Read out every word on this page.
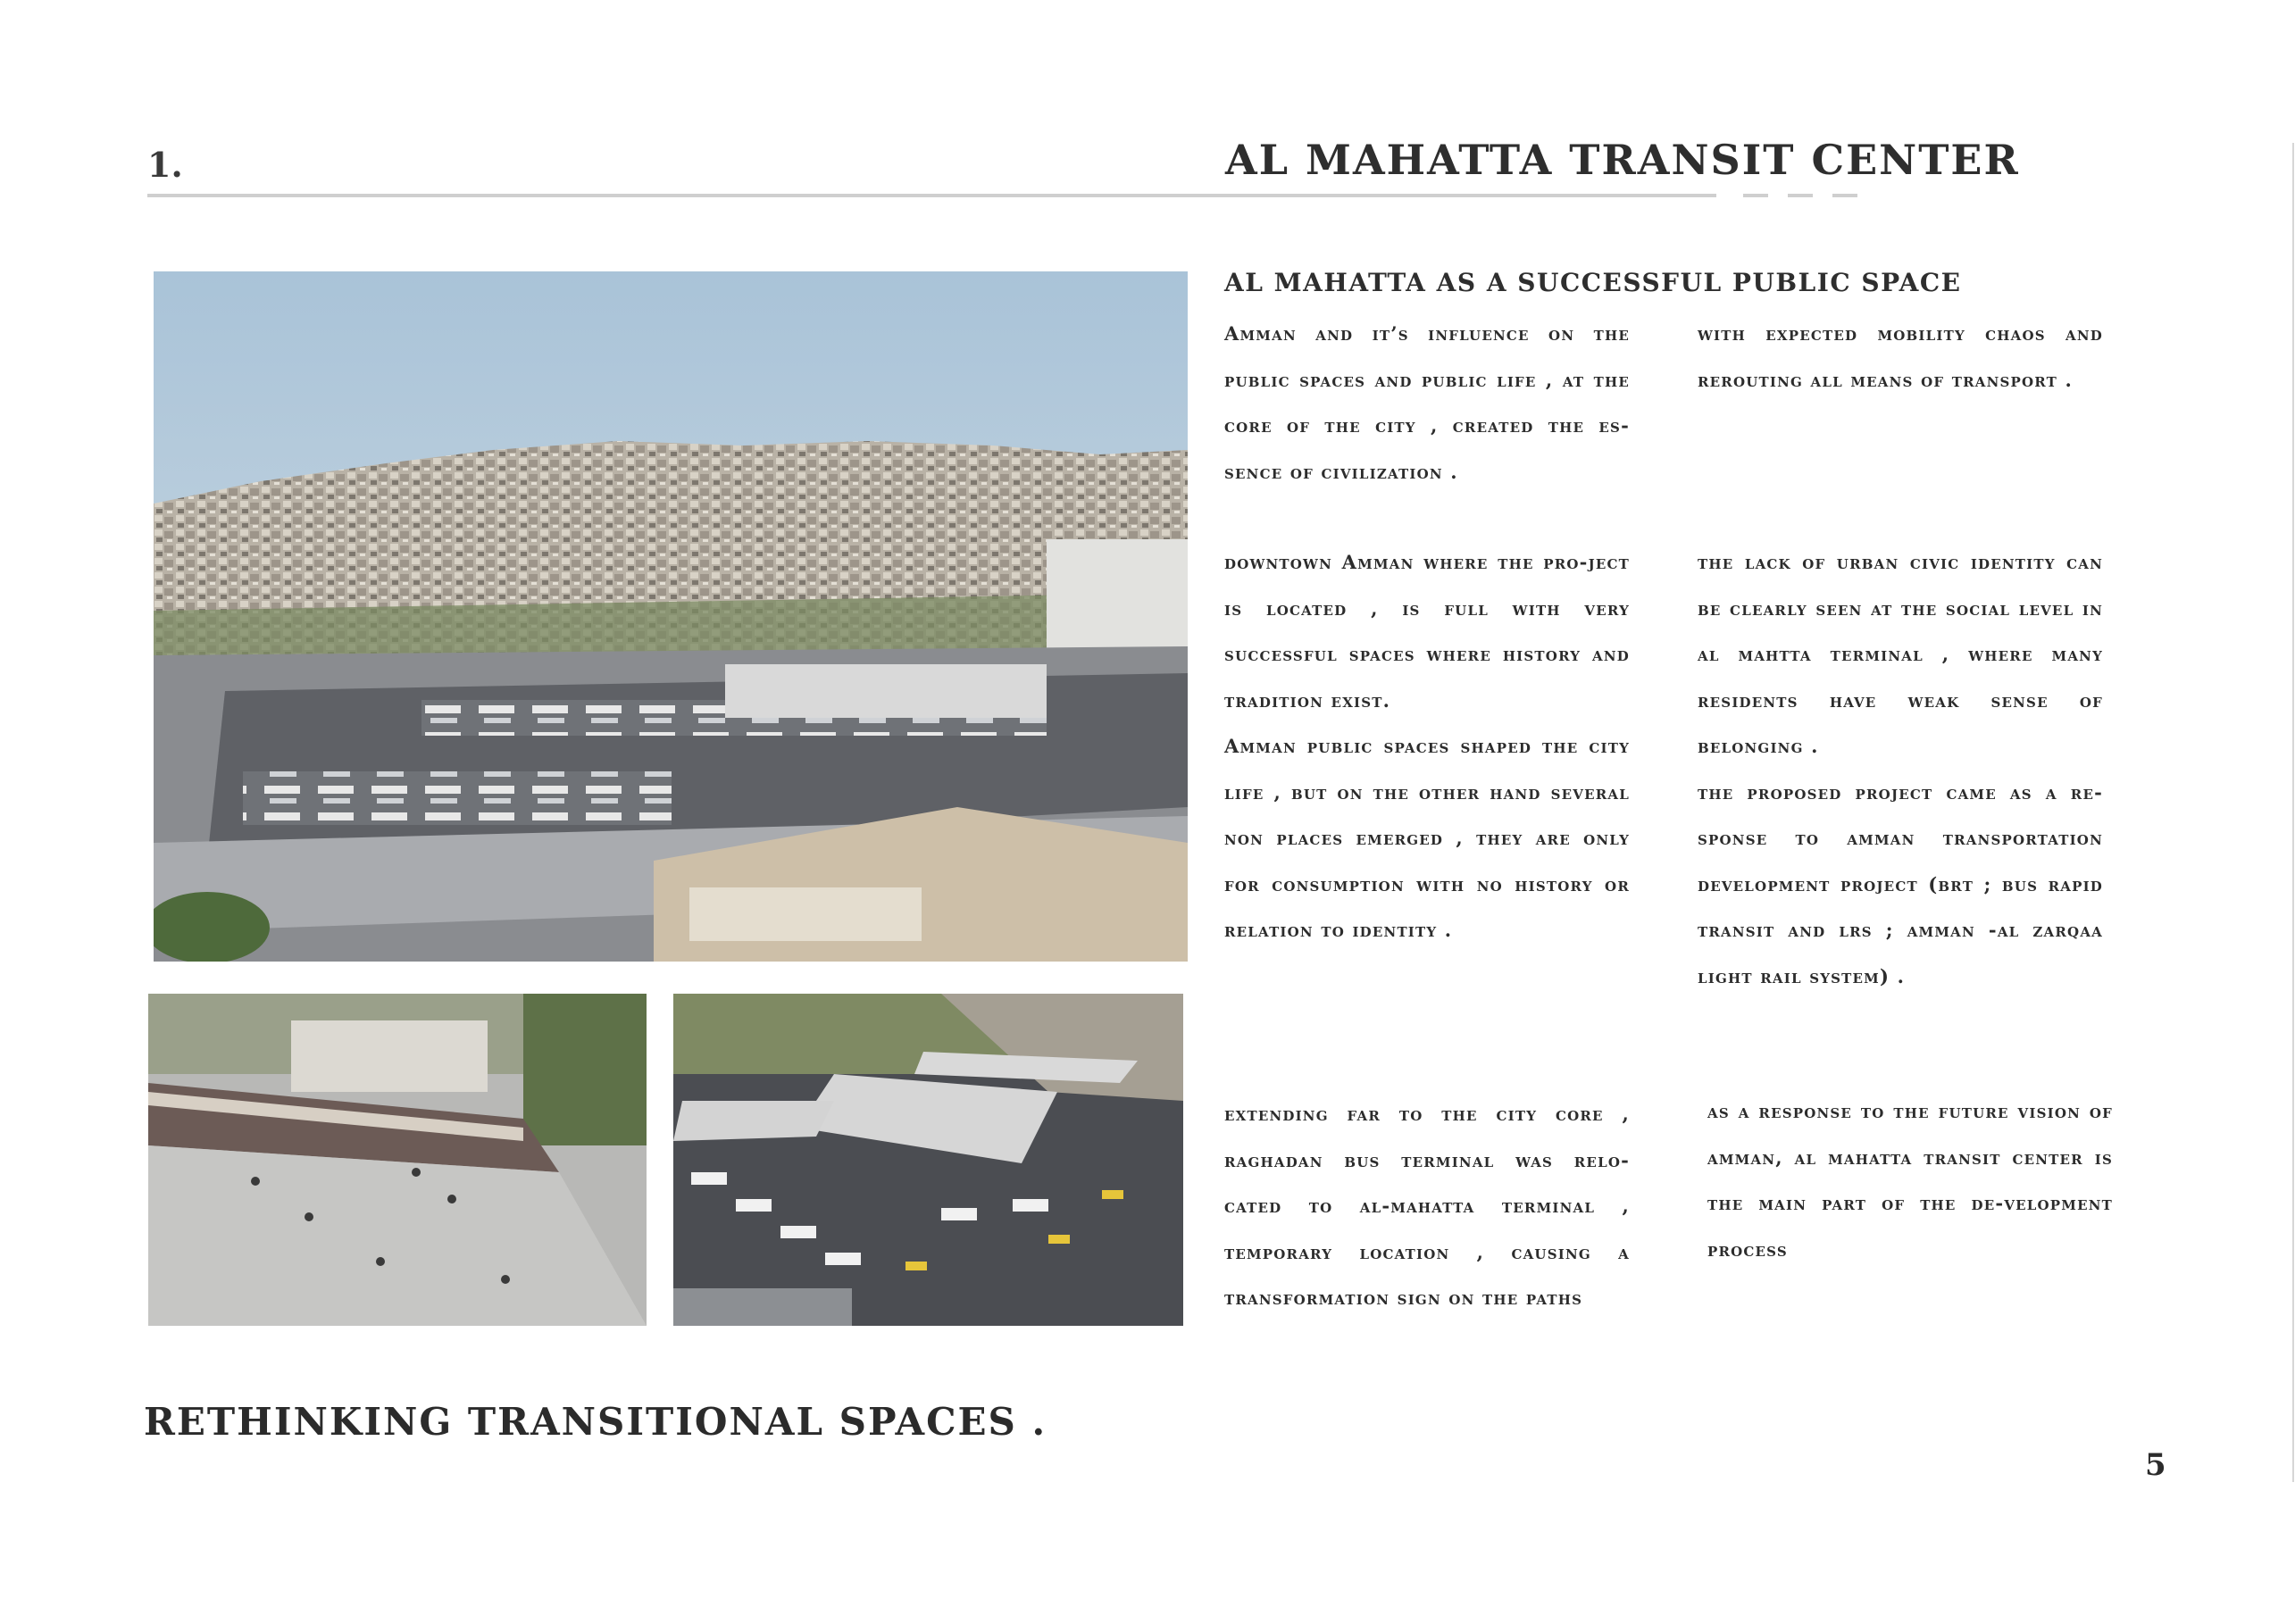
1.	AL MAHATTA TRANSIT CENTER
AL MAHATTA AS A SUCCESSFUL PUBLIC SPACE

Amman and it’s influence on the public spaces and public life , at the core of the city , created the es-sence of civilization .

with expected mobility chaos and rerouting all means of transport .

downtown Amman where the pro-ject is located , is full with very successful spaces where history and tradition exist.

Amman public spaces shaped the city life , but on the other hand several non places emerged , they are only for consumption with no history or relation to identity .

the lack of urban civic identity can be clearly seen at the social level in al mahtta terminal , where many residents have weak sense of belonging .

the proposed project came as a re-sponse to amman transportation development project (brt ; bus rapid transit and lrs ; amman -al zarqaa light rail system) .

extending far to the city core , raghadan bus terminal was relo-cated to al-mahatta terminal , temporary location , causing a transformation sign on the paths

as a response to the future vision of amman, al mahatta transit center is the main part of the de-velopment process

RETHINKING TRANSITIONAL SPACES .
5
